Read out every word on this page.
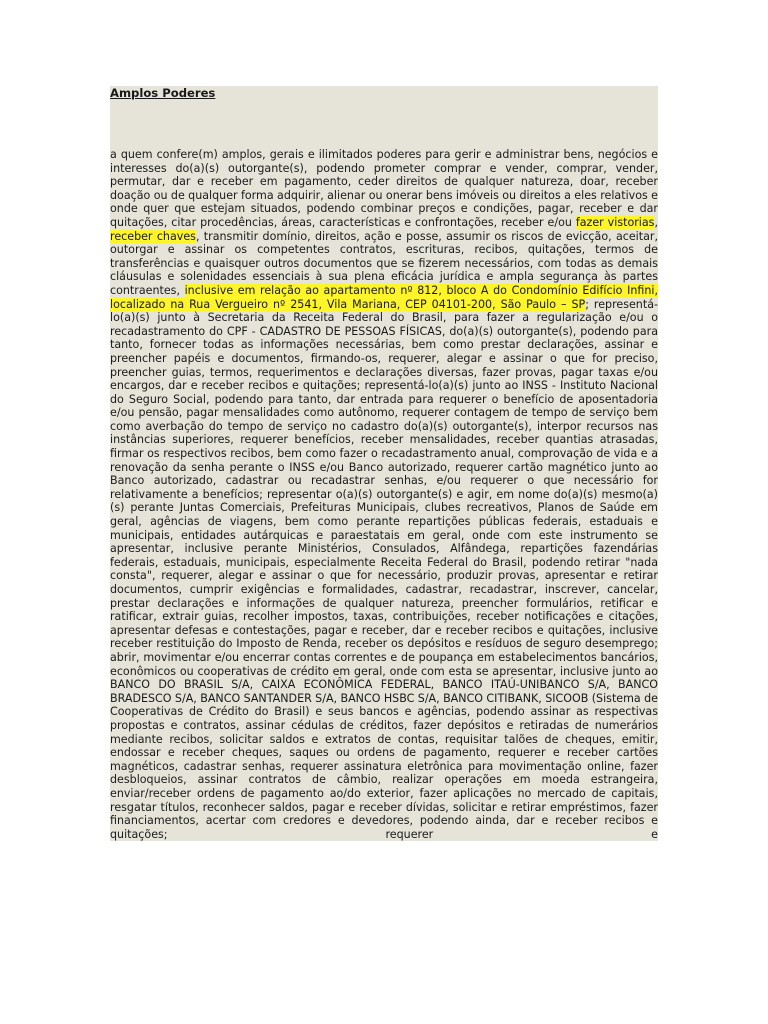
Amplos Poderes
a quem confere(m) amplos, gerais e ilimitados poderes para gerir e administrar bens, negócios e interesses do(a)(s) outorgante(s), podendo prometer comprar e vender, comprar, vender, permutar, dar e receber em pagamento, ceder direitos de qualquer natureza, doar, receber doação ou de qualquer forma adquirir, alienar ou onerar bens imóveis ou direitos a eles relativos e onde quer que estejam situados, podendo combinar preços e condições, pagar, receber e dar quitações, citar procedências, áreas, características e confrontações, receber e/ou fazer vistorias, receber chaves, transmitir domínio, direitos, ação e posse, assumir os riscos de evicção, aceitar, outorgar e assinar os competentes contratos, escrituras, recibos, quitações, termos de transferências e quaisquer outros documentos que se fizerem necessários, com todas as demais cláusulas e solenidades essenciais à sua plena eficácia jurídica e ampla segurança às partes contraentes, inclusive em relação ao apartamento nº 812, bloco A do Condomínio Edifício Infini, localizado na Rua Vergueiro nº 2541, Vila Mariana, CEP 04101-200, São Paulo – SP; representá-lo(a)(s) junto à Secretaria da Receita Federal do Brasil, para fazer a regularização e/ou o recadastramento do CPF - CADASTRO DE PESSOAS FÍSICAS, do(a)(s) outorgante(s), podendo para tanto, fornecer todas as informações necessárias, bem como prestar declarações, assinar e preencher papéis e documentos, firmando-os, requerer, alegar e assinar o que for preciso, preencher guias, termos, requerimentos e declarações diversas, fazer provas, pagar taxas e/ou encargos, dar e receber recibos e quitações; representá-lo(a)(s) junto ao INSS - Instituto Nacional do Seguro Social, podendo para tanto, dar entrada para requerer o benefício de aposentadoria e/ou pensão, pagar mensalidades como autônomo, requerer contagem de tempo de serviço bem como averbação do tempo de serviço no cadastro do(a)(s) outorgante(s), interpor recursos nas instâncias superiores, requerer benefícios, receber mensalidades, receber quantias atrasadas, firmar os respectivos recibos, bem como fazer o recadastramento anual, comprovação de vida e a renovação da senha perante o INSS e/ou Banco autorizado, requerer cartão magnético junto ao Banco autorizado, cadastrar ou recadastrar senhas, e/ou requerer o que necessário for relativamente a benefícios; representar o(a)(s) outorgante(s) e agir, em nome do(a)(s) mesmo(a)(s) perante Juntas Comerciais, Prefeituras Municipais, clubes recreativos, Planos de Saúde em geral, agências de viagens, bem como perante repartições públicas federais, estaduais e municipais, entidades autárquicas e paraestatais em geral, onde com este instrumento se apresentar, inclusive perante Ministérios, Consulados, Alfândega, repartições fazendárias federais, estaduais, municipais, especialmente Receita Federal do Brasil, podendo retirar "nada consta", requerer, alegar e assinar o que for necessário, produzir provas, apresentar e retirar documentos, cumprir exigências e formalidades, cadastrar, recadastrar, inscrever, cancelar, prestar declarações e informações de qualquer natureza, preencher formulários, retificar e ratificar, extrair guias, recolher impostos, taxas, contribuições, receber notificações e citações, apresentar defesas e contestações, pagar e receber, dar e receber recibos e quitações, inclusive receber restituição do Imposto de Renda, receber os depósitos e resíduos de seguro desemprego; abrir, movimentar e/ou encerrar contas correntes e de poupança em estabelecimentos bancários, econômicos ou cooperativas de crédito em geral, onde com esta se apresentar, inclusive junto ao BANCO DO BRASIL S/A, CAIXA ECONÔMICA FEDERAL, BANCO ITAÚ-UNIBANCO S/A, BANCO BRADESCO S/A, BANCO SANTANDER S/A, BANCO HSBC S/A, BANCO CITIBANK, SICOOB (Sistema de Cooperativas de Crédito do Brasil) e seus bancos e agências, podendo assinar as respectivas propostas e contratos, assinar cédulas de créditos, fazer depósitos e retiradas de numerários mediante recibos, solicitar saldos e extratos de contas, requisitar talões de cheques, emitir, endossar e receber cheques, saques ou ordens de pagamento, requerer e receber cartões magnéticos, cadastrar senhas, requerer assinatura eletrônica para movimentação online, fazer desbloqueios, assinar contratos de câmbio, realizar operações em moeda estrangeira, enviar/receber ordens de pagamento ao/do exterior, fazer aplicações no mercado de capitais, resgatar títulos, reconhecer saldos, pagar e receber dívidas, solicitar e retirar empréstimos, fazer financiamentos, acertar com credores e devedores, podendo ainda, dar e receber recibos e quitações; requerer e
